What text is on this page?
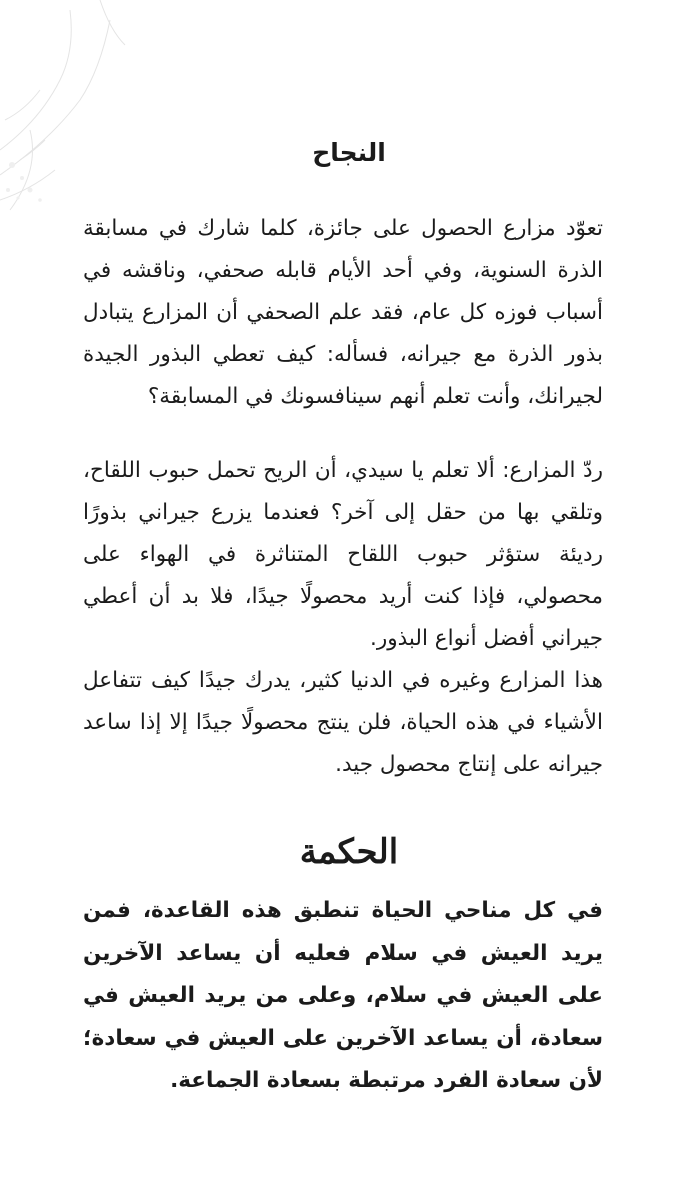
النجاح

تعوّد مزارع الحصول على جائزة، كلما شارك في مسابقة الذرة السنوية، وفي أحد الأيام قابله صحفي، وناقشه في أسباب فوزه كل عام، فقد علم الصحفي أن المزارع يتبادل بذور الذرة مع جيرانه، فسأله: كيف تعطي البذور الجيدة لجيرانك، وأنت تعلم أنهم سينافسونك في المسابقة؟

ردّ المزارع: ألا تعلم يا سيدي، أن الريح تحمل حبوب اللقاح، وتلقي بها من حقل إلى آخر؟ فعندما يزرع جيراني بذورًا رديئة ستؤثر حبوب اللقاح المتناثرة في الهواء على محصولي، فإذا كنت أريد محصولًا جيدًا، فلا بد أن أعطي جيراني أفضل أنواع البذور.

هذا المزارع وغيره في الدنيا كثير، يدرك جيدًا كيف تتفاعل الأشياء في هذه الحياة، فلن ينتج محصولًا جيدًا إلا إذا ساعد جيرانه على إنتاج محصول جيد.

الحكمة

في كل مناحي الحياة تنطبق هذه القاعدة، فمن يريد العيش في سلام فعليه أن يساعد الآخرين على العيش في سلام، وعلى من يريد العيش في سعادة، أن يساعد الآخرين على العيش في سعادة؛ لأن سعادة الفرد مرتبطة بسعادة الجماعة.
